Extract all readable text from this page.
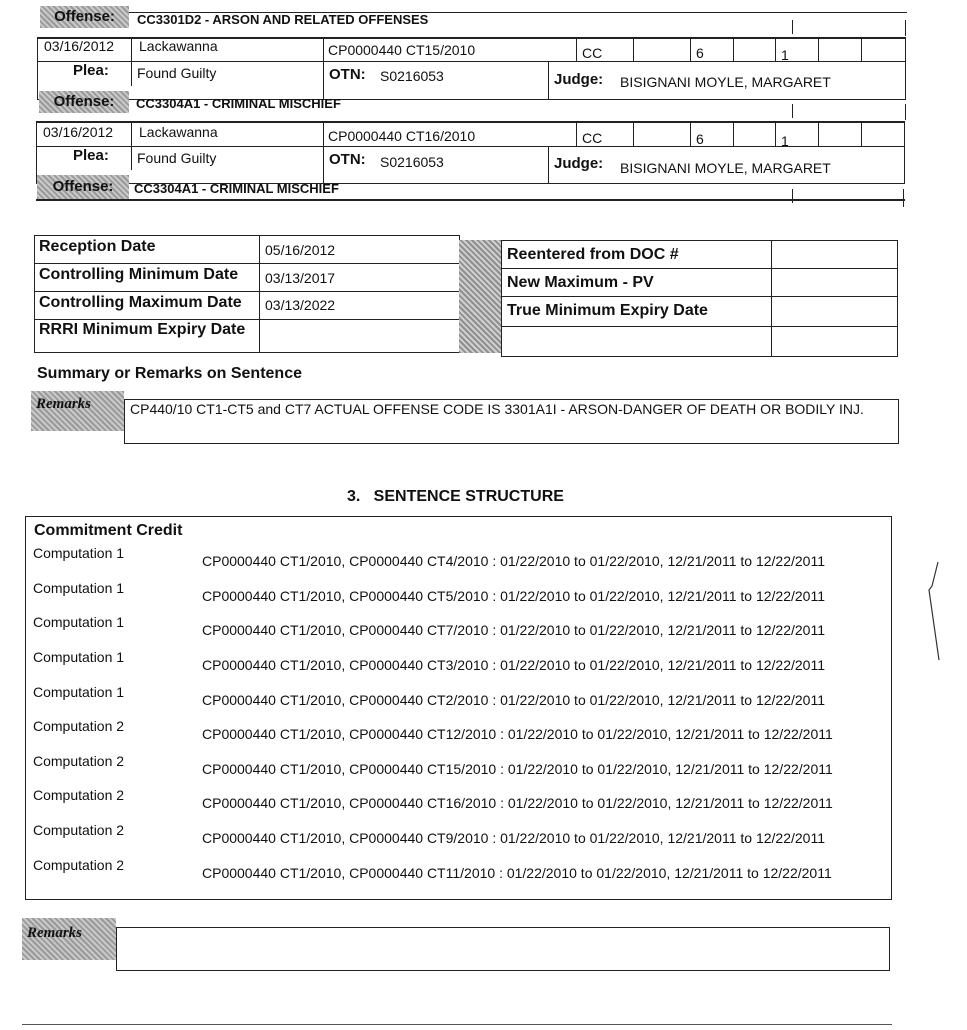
Offense:	CC3301D2 - ARSON AND RELATED OFFENSES
03/16/2012 Lackawanna	CP0000440 CT15/2010	CC	6	1
Plea: Found Guilty	OTN: S0216053	Judge: BISIGNANI MOYLE, MARGARET
Offense:	CC3304A1 - CRIMINAL MISCHIEF
03/16/2012 Lackawanna	CP0000440 CT16/2010	CC	6	1
Plea: Found Guilty	OTN: S0216053	Judge: BISIGNANI MOYLE, MARGARET
Offense:	CC3304A1 - CRIMINAL MISCHIEF
Reception Date	05/16/2012
Controlling Minimum Date 03/13/2017
Controlling Maximum Date 03/13/2022
RRRI Minimum Expiry Date
Reentered from DOC #
New Maximum - PV
True Minimum Expiry Date
Summary or Remarks on Sentence
Remarks	CP440/10 CT1-CT5 and CT7 ACTUAL OFFENSE CODE IS 3301A1I - ARSON-DANGER OF DEATH OR BODILY INJ.
3.   SENTENCE STRUCTURE
Commitment Credit
Computation 1	CP0000440 CT1/2010, CP0000440 CT4/2010 : 01/22/2010 to 01/22/2010, 12/21/2011 to 12/22/2011
Computation 1	CP0000440 CT1/2010, CP0000440 CT5/2010 : 01/22/2010 to 01/22/2010, 12/21/2011 to 12/22/2011
Computation 1	CP0000440 CT1/2010, CP0000440 CT7/2010 : 01/22/2010 to 01/22/2010, 12/21/2011 to 12/22/2011
Computation 1	CP0000440 CT1/2010, CP0000440 CT3/2010 : 01/22/2010 to 01/22/2010, 12/21/2011 to 12/22/2011
Computation 1	CP0000440 CT1/2010, CP0000440 CT2/2010 : 01/22/2010 to 01/22/2010, 12/21/2011 to 12/22/2011
Computation 2	CP0000440 CT1/2010, CP0000440 CT12/2010 : 01/22/2010 to 01/22/2010, 12/21/2011 to 12/22/2011
Computation 2	CP0000440 CT1/2010, CP0000440 CT15/2010 : 01/22/2010 to 01/22/2010, 12/21/2011 to 12/22/2011
Computation 2	CP0000440 CT1/2010, CP0000440 CT16/2010 : 01/22/2010 to 01/22/2010, 12/21/2011 to 12/22/2011
Computation 2	CP0000440 CT1/2010, CP0000440 CT9/2010 : 01/22/2010 to 01/22/2010, 12/21/2011 to 12/22/2011
Computation 2	CP0000440 CT1/2010, CP0000440 CT11/2010 : 01/22/2010 to 01/22/2010, 12/21/2011 to 12/22/2011
Remarks
